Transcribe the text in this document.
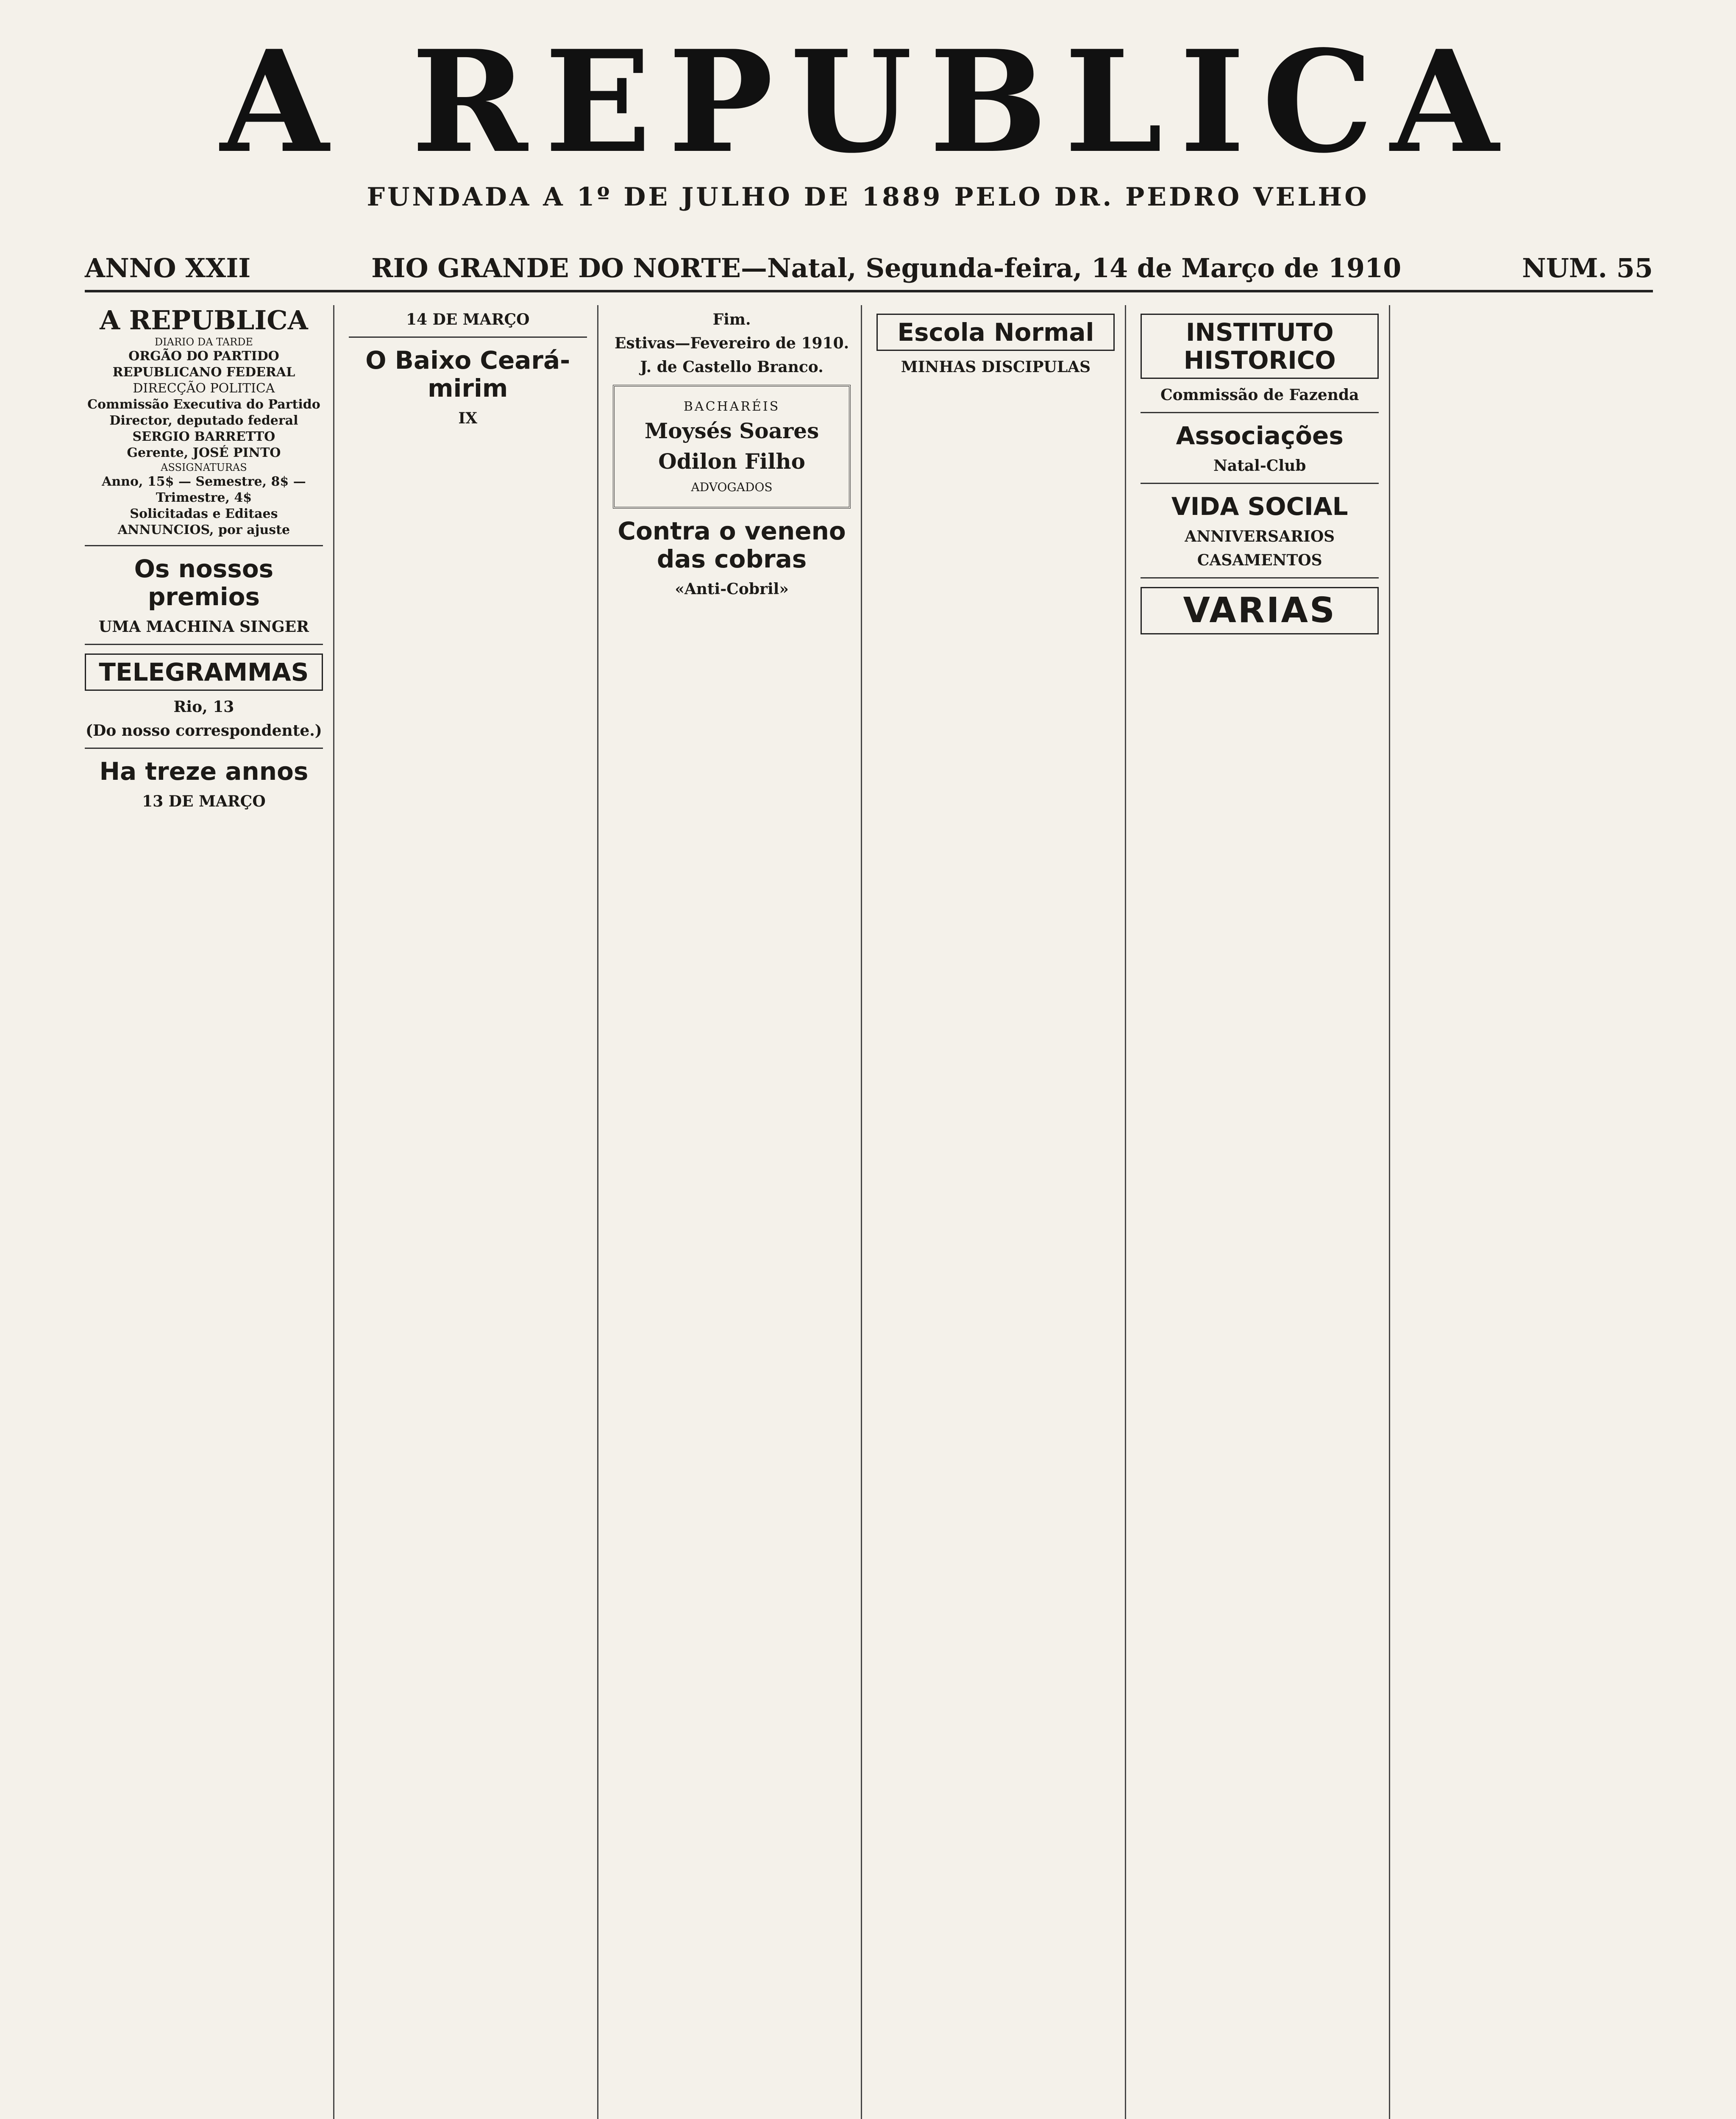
A REPUBLICA
FUNDADA A 1º DE JULHO DE 1889 PELO DR. PEDRO VELHO
ANNO XXII	RIO GRANDE DO NORTE—Natal, Segunda-feira, 14 de Março de 1910	NUM. 55
A REPUBLICA
DIARIO DA TARDE
ORGÃO DO PARTIDO REPUBLICANO FEDERAL
DIRECÇÃO POLITICA
Commissão Executiva do Partido
Director, deputado federal SERGIO BARRETTO
Gerente, JOSÉ PINTO
ASSIGNATURAS
Anno, 15$ — Semestre, 8$ — Trimestre, 4$
Solicitadas e Editaes
ANNUNCIOS, por ajuste
Os nossos premios
UMA MACHINA SINGER
TELEGRAMMAS
Rio, 13
(Do nosso correspondente.)
Ha treze annos
13 DE MARÇO
14 DE MARÇO
O Baixo Ceará-mirim
IX
Fim.
Estivas—Fevereiro de 1910.
J. de Castello Branco.
BACHARÉIS
Moysés Soares
Odilon Filho
ADVOGADOS
Contra o veneno das cobras
«Anti-Cobril»
Escola Normal
MINHAS DISCIPULAS
INSTITUTO HISTORICO
Commissão de Fazenda
Associações
Natal-Club
VIDA SOCIAL
ANNIVERSARIOS
CASAMENTOS
VARIAS
